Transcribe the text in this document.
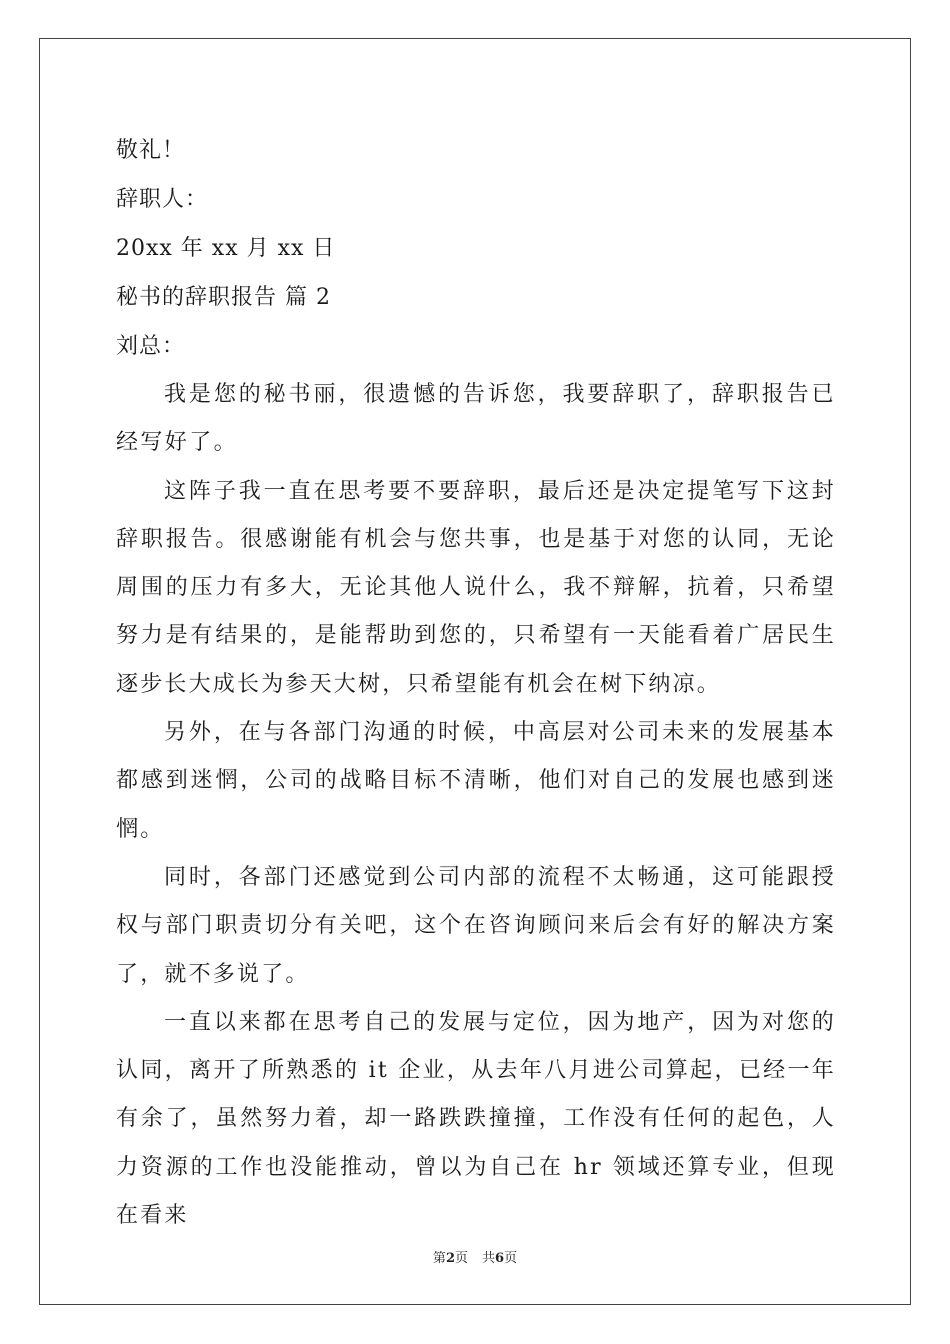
敬礼！
辞职人：
20xx 年 xx 月 xx 日
秘书的辞职报告 篇 2
刘总：

我是您的秘书丽，很遗憾的告诉您，我要辞职了，辞职报告已经写好了。

这阵子我一直在思考要不要辞职，最后还是决定提笔写下这封辞职报告。很感谢能有机会与您共事，也是基于对您的认同，无论周围的压力有多大，无论其他人说什么，我不辩解，抗着，只希望努力是有结果的，是能帮助到您的，只希望有一天能看着广居民生逐步长大成长为参天大树，只希望能有机会在树下纳凉。

另外，在与各部门沟通的时候，中高层对公司未来的发展基本都感到迷惘，公司的战略目标不清晰，他们对自己的发展也感到迷惘。

同时，各部门还感觉到公司内部的流程不太畅通，这可能跟授权与部门职责切分有关吧，这个在咨询顾问来后会有好的解决方案了，就不多说了。

一直以来都在思考自己的发展与定位，因为地产，因为对您的认同，离开了所熟悉的 it 企业，从去年八月进公司算起，已经一年有余了，虽然努力着，却一路跌跌撞撞，工作没有任何的起色，人力资源的工作也没能推动，曾以为自己在 hr 领域还算专业，但现在看来

第2页 共6页
